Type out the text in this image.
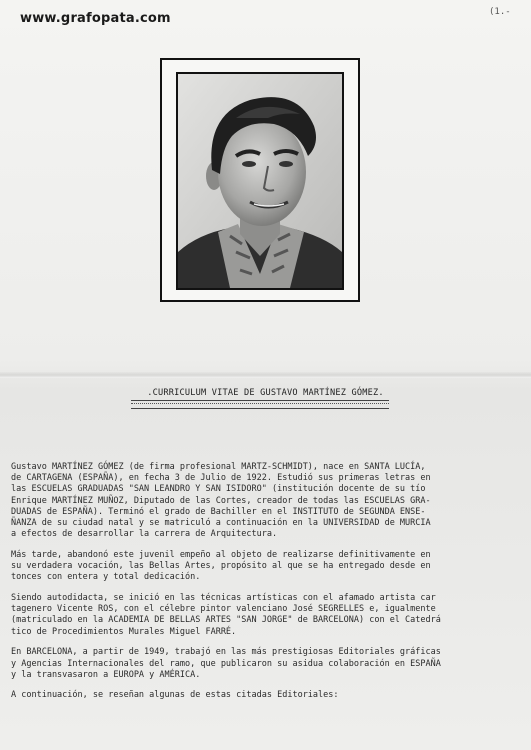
www.grafopata.com	(1.-
.CURRICULUM VITAE DE GUSTAVO MARTÍNEZ GÓMEZ.
Gustavo MARTÍNEZ GÓMEZ (de firma profesional MARTZ-SCHMIDT), nace en SANTA LUCÍA,
de CARTAGENA (ESPAÑA), en fecha 3 de Julio de 1922. Estudió sus primeras letras en
las ESCUELAS GRADUADAS "SAN LEANDRO Y SAN ISIDORO" (institución docente de su tío
Enrique MARTÍNEZ MUÑOZ, Diputado de las Cortes, creador de todas las ESCUELAS GRA-
DUADAS de ESPAÑA). Terminó el grado de Bachiller en el INSTITUTO de SEGUNDA ENSE-
ÑANZA de su ciudad natal y se matriculó a continuación en la UNIVERSIDAD de MURCIA
a efectos de desarrollar la carrera de Arquitectura.
Más tarde, abandonó este juvenil empeño al objeto de realizarse definitivamente en
su verdadera vocación, las Bellas Artes, propósito al que se ha entregado desde en
tonces con entera y total dedicación.
Siendo autodidacta, se inició en las técnicas artísticas con el afamado artista car
tagenero Vicente ROS, con el célebre pintor valenciano José SEGRELLES e, igualmente
(matriculado en la ACADEMIA DE BELLAS ARTES "SAN JORGE" de BARCELONA) con el Catedrá
tico de Procedimientos Murales Miguel FARRÉ.
En BARCELONA, a partir de 1949, trabajó en las más prestigiosas Editoriales gráficas
y Agencias Internacionales del ramo, que publicaron su asidua colaboración en ESPAÑA
y la transvasaron a EUROPA y AMÉRICA.
A continuación, se reseñan algunas de estas citadas Editoriales:
